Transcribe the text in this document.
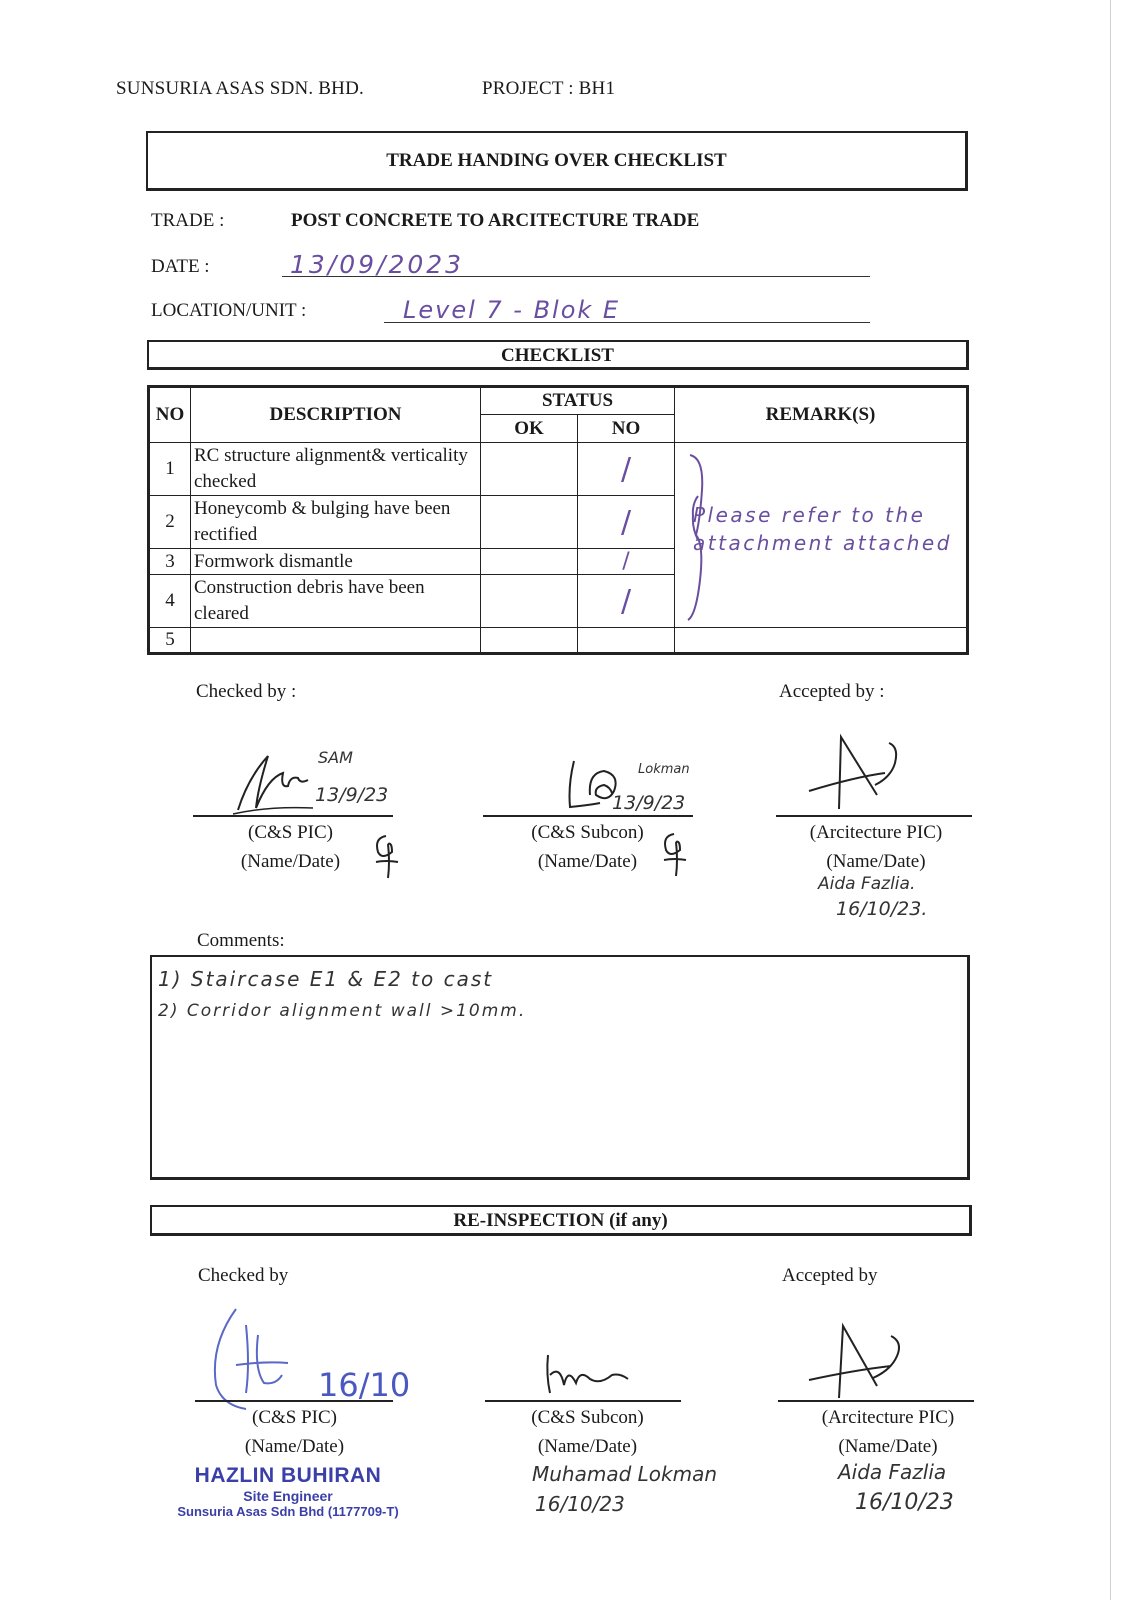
SUNSURIA ASAS SDN. BHD.	PROJECT : BH1
TRADE HANDING OVER CHECKLIST
TRADE :	POST CONCRETE TO ARCITECTURE TRADE
DATE :	13/09/2023
LOCATION/UNIT :	Level 7 - Blok E
CHECKLIST
NO	DESCRIPTION	STATUS		REMARK(S)
		OK	NO	
1	RC structure alignment& verticality checked		/	Please refer to the attachment attached

2	Honeycomb & bulging have been rectified		/	
3	Formwork dismantle		/	
4	Construction debris have been cleared		/	
5				
Checked by :	Accepted by :
SAM
13/9/23
(C&S PIC)
(Name/Date)
Lokman
13/9/23
(C&S Subcon)
(Name/Date)
(Arcitecture PIC)
(Name/Date)
Aida Fazlia.
16/10/23.
Comments:
1) Staircase E1 & E2 to cast
2) Corridor alignment wall >10mm.
RE-INSPECTION (if any)
Checked by	Accepted by
16/10
(C&S PIC)
(Name/Date)
(C&S Subcon)
(Name/Date)
Muhamad Lokman
16/10/23
(Arcitecture PIC)
(Name/Date)
Aida Fazlia
16/10/23
HAZLIN BUHIRAN
Site Engineer
Sunsuria Asas Sdn Bhd (1177709-T)
